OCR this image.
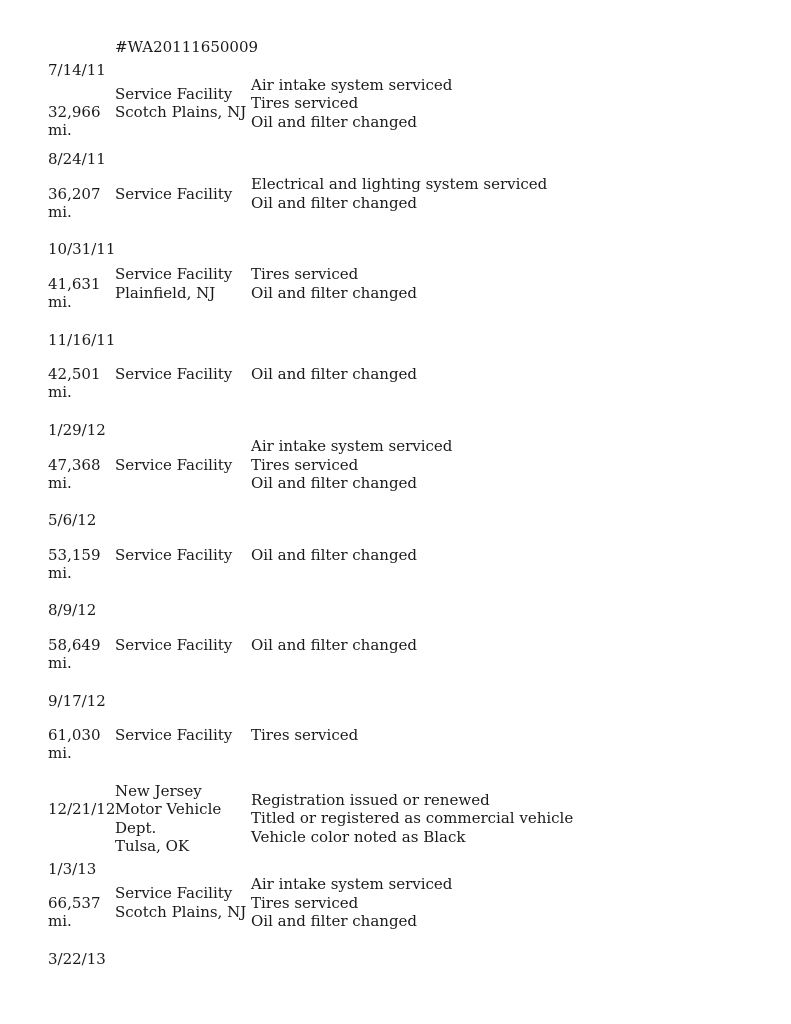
#WA20111650009
7/14/11
32,966
mi.
Service Facility
Scotch Plains, NJ
Air intake system serviced
Tires serviced
Oil and filter changed
8/24/11
36,207
mi.
Service Facility
Electrical and lighting system serviced
Oil and filter changed
10/31/11
41,631
mi.
Service Facility
Plainfield, NJ
Tires serviced
Oil and filter changed
11/16/11
42,501
mi.
Service Facility Oil and filter changed
1/29/12
47,368
mi.
Service Facility
Air intake system serviced
Tires serviced
Oil and filter changed
5/6/12
53,159
mi.
Service Facility Oil and filter changed
8/9/12
58,649
mi.
Service Facility Oil and filter changed
9/17/12
61,030
mi.
Service Facility Tires serviced
12/21/12
New Jersey
Motor Vehicle
Dept.
Tulsa, OK
Registration issued or renewed
Titled or registered as commercial vehicle
Vehicle color noted as Black
1/3/13
66,537
mi.
Service Facility
Scotch Plains, NJ
Air intake system serviced
Tires serviced
Oil and filter changed
3/22/13
